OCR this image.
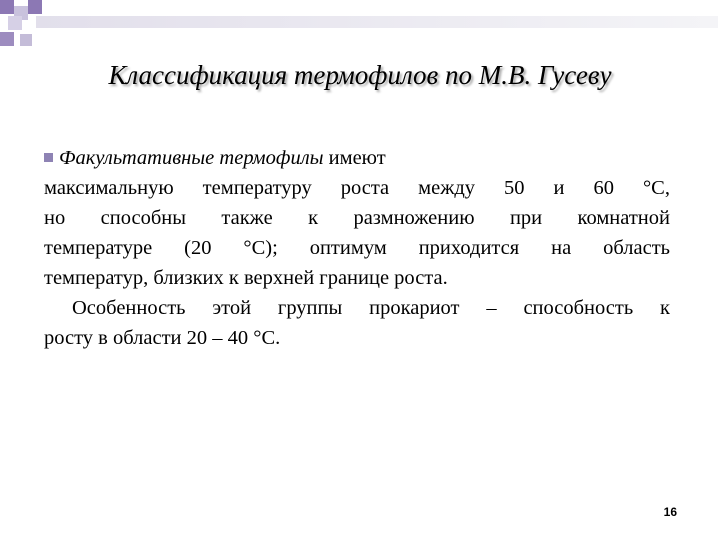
Классификация термофилов по М.В. Гусеву
Факультативные термофилы имеют
максимальную температуру роста между 50 и 60 °C,
но способны также к размножению при комнатной
температуре (20 °C); оптимум приходится на область
температур, близких к верхней границе роста.
Особенность этой группы прокариот – способность к
росту в области 20 – 40 °С.
16
